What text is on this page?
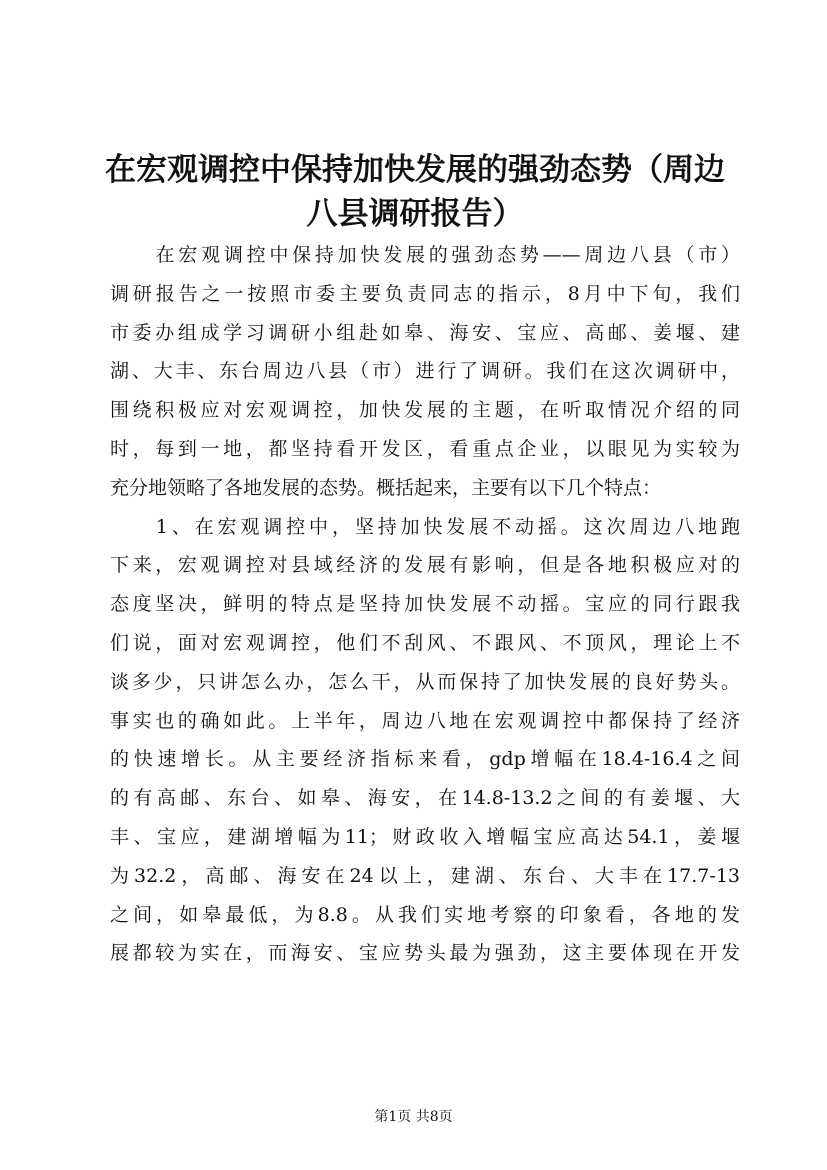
在宏观调控中保持加快发展的强劲态势（周边
八县调研报告）
　　在宏观调控中保持加快发展的强劲态势——周边八县（市）
调研报告之一按照市委主要负责同志的指示，8月中下旬，我们
市委办组成学习调研小组赴如皋、海安、宝应、高邮、姜堰、建
湖、大丰、东台周边八县（市）进行了调研。我们在这次调研中，
围绕积极应对宏观调控，加快发展的主题，在听取情况介绍的同
时，每到一地，都坚持看开发区，看重点企业，以眼见为实较为
充分地领略了各地发展的态势。概括起来，主要有以下几个特点：
　　1、在宏观调控中，坚持加快发展不动摇。这次周边八地跑
下来，宏观调控对县域经济的发展有影响，但是各地积极应对的
态度坚决，鲜明的特点是坚持加快发展不动摇。宝应的同行跟我
们说，面对宏观调控，他们不刮风、不跟风、不顶风，理论上不
谈多少，只讲怎么办，怎么干，从而保持了加快发展的良好势头。
事实也的确如此。上半年，周边八地在宏观调控中都保持了经济
的快速增长。从主要经济指标来看，gdp增幅在18.4-16.4之间
的有高邮、东台、如皋、海安，在14.8-13.2之间的有姜堰、大
丰、宝应，建湖增幅为11；财政收入增幅宝应高达54.1，姜堰
为32.2，高邮、海安在24以上，建湖、东台、大丰在17.7-13
之间，如皋最低，为8.8。从我们实地考察的印象看，各地的发
展都较为实在，而海安、宝应势头最为强劲，这主要体现在开发
第1页 共8页
